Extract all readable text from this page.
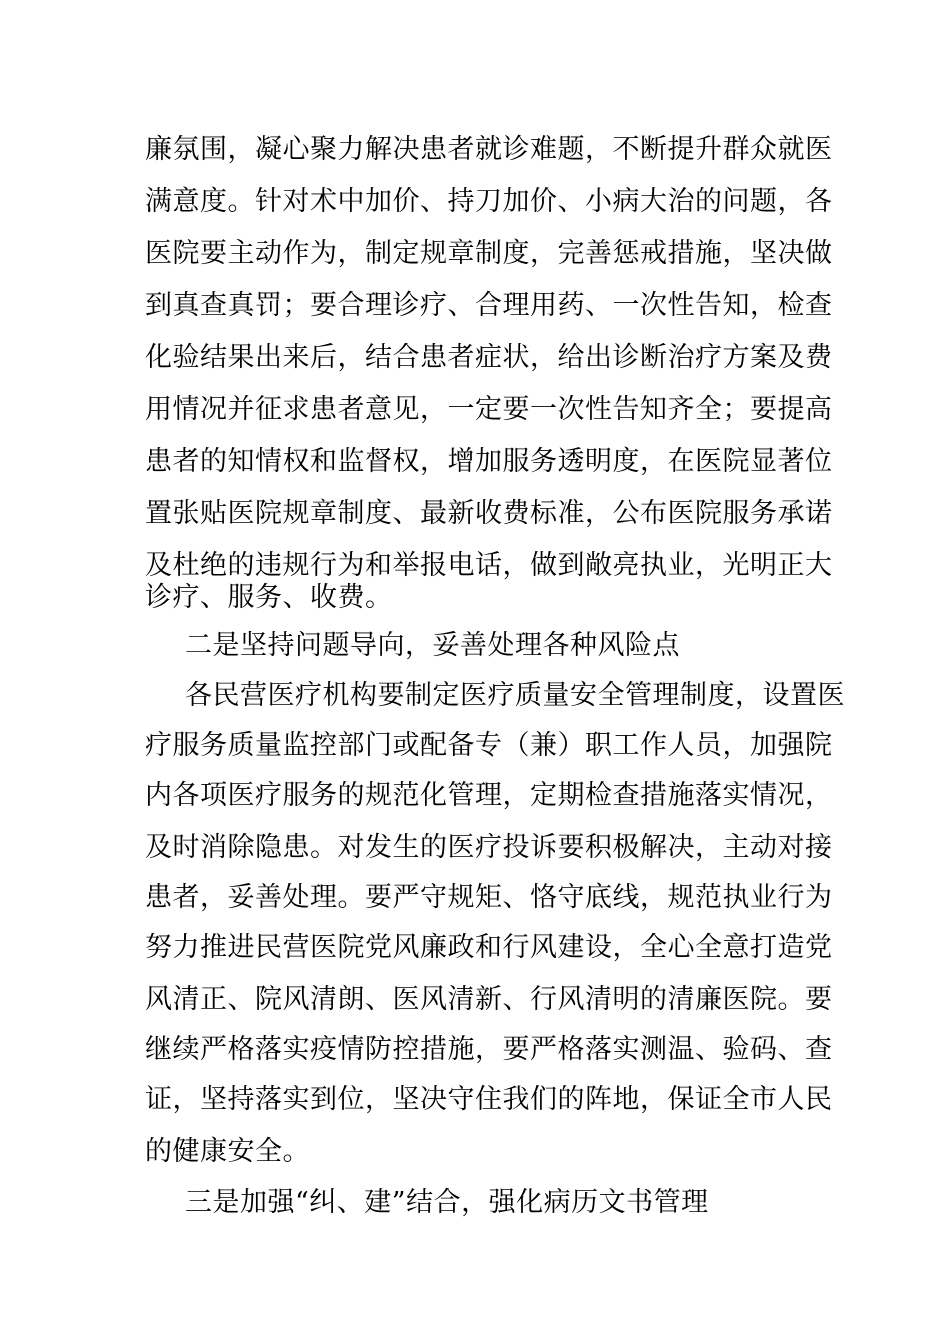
廉氛围，凝心聚力解决患者就诊难题，不断提升群众就医
满意度。针对术中加价、持刀加价、小病大治的问题，各
医院要主动作为，制定规章制度，完善惩戒措施，坚决做
到真查真罚；要合理诊疗、合理用药、一次性告知，检查
化验结果出来后，结合患者症状，给出诊断治疗方案及费
用情况并征求患者意见，一定要一次性告知齐全；要提高
患者的知情权和监督权，增加服务透明度，在医院显著位
置张贴医院规章制度、最新收费标准，公布医院服务承诺
及杜绝的违规行为和举报电话，做到敞亮执业，光明正大
诊疗、服务、收费。
二是坚持问题导向，妥善处理各种风险点
各民营医疗机构要制定医疗质量安全管理制度，设置医
疗服务质量监控部门或配备专（兼）职工作人员，加强院
内各项医疗服务的规范化管理，定期检查措施落实情况，
及时消除隐患。对发生的医疗投诉要积极解决，主动对接
患者，妥善处理。要严守规矩、恪守底线，规范执业行为
努力推进民营医院党风廉政和行风建设，全心全意打造党
风清正、院风清朗、医风清新、行风清明的清廉医院。要
继续严格落实疫情防控措施，要严格落实测温、验码、查
证，坚持落实到位，坚决守住我们的阵地，保证全市人民
的健康安全。
三是加强“纠、建”结合，强化病历文书管理
